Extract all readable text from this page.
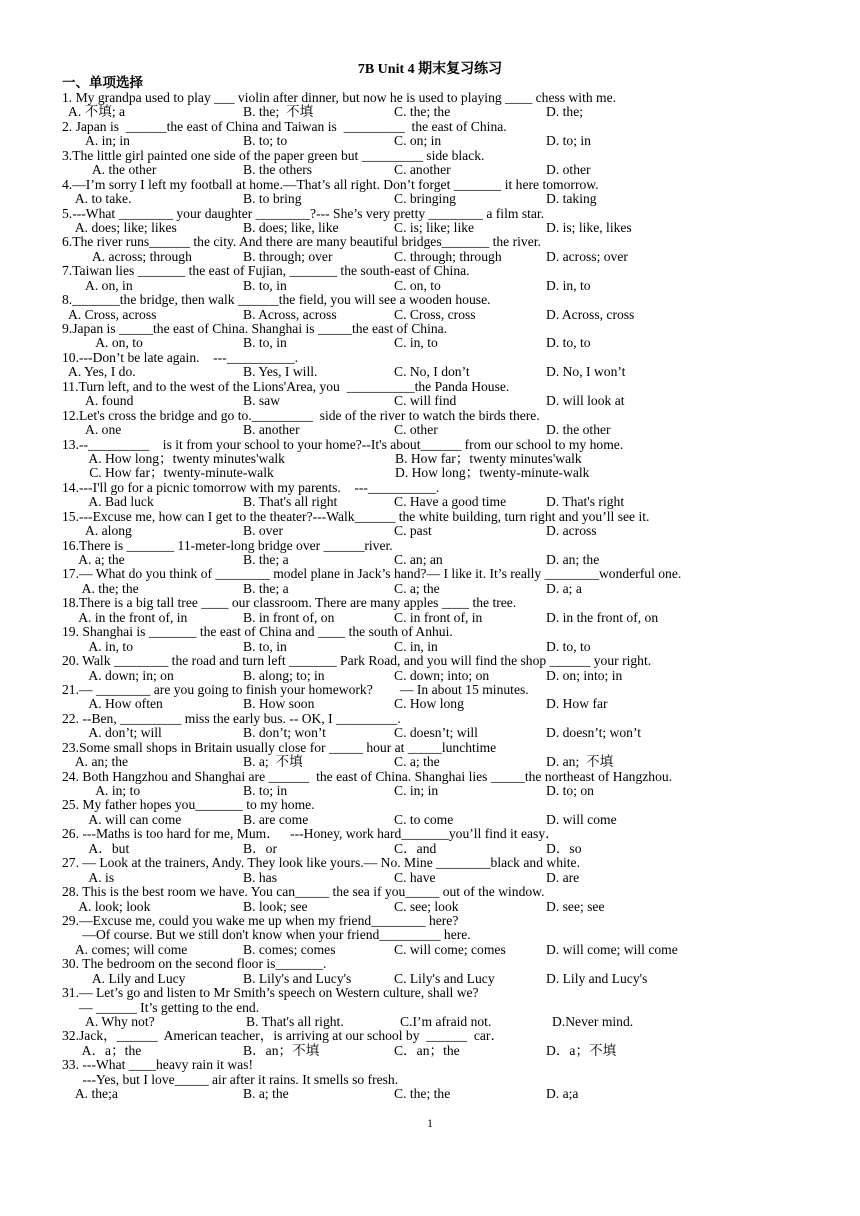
7B Unit 4 期末复习练习
一、单项选择
1. My grandpa used to play ___ violin after dinner, but now he is used to playing ____ chess with me.
A. 不填; a	B. the;  不填	C. the; the	D. the;
2. Japan is  ______the east of China and Taiwan is  _________  the east of China.
A. in; in	B. to; to	C. on; in	D. to; in
3.The little girl painted one side of the paper green but _________ side black.
A. the other	B. the others	C. another	D. other
4.—I’m sorry I left my football at home.—That’s all right. Don’t forget _______ it here tomorrow.
A. to take.	B. to bring	C. bringing	D. taking
5.---What ________ your daughter ________?--- She’s very pretty ________ a film star.
A. does; like; likes	B. does; like, like	C. is; like; like	D. is; like, likes
6.The river runs______ the city. And there are many beautiful bridges_______ the river.
A. across; through	B. through; over	C. through; through	D. across; over
7.Taiwan lies _______ the east of Fujian, _______ the south-east of China.
A. on, in	B. to, in	C. on, to	D. in, to
8._______the bridge, then walk ______the field, you will see a wooden house.
A. Cross, across	B. Across, across	C. Cross, cross	D. Across, cross
9.Japan is _____the east of China. Shanghai is _____the east of China.
A. on, to	B. to, in	C. in, to	D. to, to
10.---Don’t be late again.    ---__________.
A. Yes, I do.	B. Yes, I will.	C. No, I don’t	D. No, I won’t
11.Turn left, and to the west of the Lions'Area, you  __________the Panda House.
A. found	B. saw	C. will find	D. will look at
12.Let's cross the bridge and go to._________  side of the river to watch the birds there.
A. one	B. another	C. other	D. the other
13.--_________    is it from your school to your home?--It's about______ from our school to my home.
A. How long；twenty minutes'walk	B. How far；twenty minutes'walk
C. How far；twenty-minute-walk	D. How long；twenty-minute-walk
14.---I'll go for a picnic tomorrow with my parents.    ---__________.
A. Bad luck	B. That's all right	C. Have a good time	D. That's right
15.---Excuse me, how can I get to the theater?---Walk______ the white building, turn right and you’ll see it.
A. along	B. over	C. past	D. across
16.There is _______ 11-meter-long bridge over ______river.
A. a; the	B. the; a	C. an; an	D. an; the
17.— What do you think of ________ model plane in Jack’s hand?— I like it. It’s really ________wonderful one.
A. the; the	B. the; a	C. a; the	D. a; a
18.There is a big tall tree ____ our classroom. There are many apples ____ the tree.
A. in the front of, in	B. in front of, on	C. in front of, in	D. in the front of, on
19. Shanghai is _______ the east of China and ____ the south of Anhui.
A. in, to	B. to, in	C. in, in	D. to, to
20. Walk ________ the road and turn left _______ Park Road, and you will find the shop ______ your right.
A. down; in; on	B. along; to; in	C. down; into; on	D. on; into; in
21.— ________ are you going to finish your homework?        — In about 15 minutes.
A. How often	B. How soon	C. How long	D. How far
22. --Ben, _________ miss the early bus. -- OK, I _________.
A. don’t; will	B. don’t; won’t	C. doesn’t; will	D. doesn’t; won’t
23.Some small shops in Britain usually close for _____ hour at _____lunchtime
A. an; the	B. a;  不填	C. a; the	D. an;  不填
24. Both Hangzhou and Shanghai are ______  the east of China. Shanghai lies _____the northeast of Hangzhou.
A. in; to	B. to; in	C. in; in	D. to; on
25. My father hopes you_______ to my home.
A. will can come	B. are come	C. to come	D. will come
26. ---Maths is too hard for me, Mum．   ---Honey, work hard_______you’ll find it easy．
A．but	B．or	C．and	D．so
27. — Look at the trainers, Andy. They look like yours.— No. Mine ________black and white.
A. is	B. has	C. have	D. are
28. This is the best room we have. You can_____ the sea if you_____ out of the window.
A. look; look	B. look; see	C. see; look	D. see; see
29.—Excuse me, could you wake me up when my friend________ here?
—Of course. But we still don't know when your friend_________ here.
A. comes; will come	B. comes; comes	C. will come; comes	D. will come; will come
30. The bedroom on the second floor is_______.
A. Lily and Lucy	B. Lily's and Lucy's	C. Lily's and Lucy	D. Lily and Lucy's
31.— Let’s go and listen to Mr Smith’s speech on Western culture, shall we?
— ______ It’s getting to the end.
A. Why not?	B. That's all right.	C.I’m afraid not.	D.Never mind.
32.Jack，______  American teacher，is arriving at our school by  ______  car．
A．a；the	B．an；不填	C．an；the	D．a；不填
33. ---What ____heavy rain it was!
---Yes, but I love_____ air after it rains. It smells so fresh.
A. the;a	B. a; the	C. the; the	D. a;a
1
